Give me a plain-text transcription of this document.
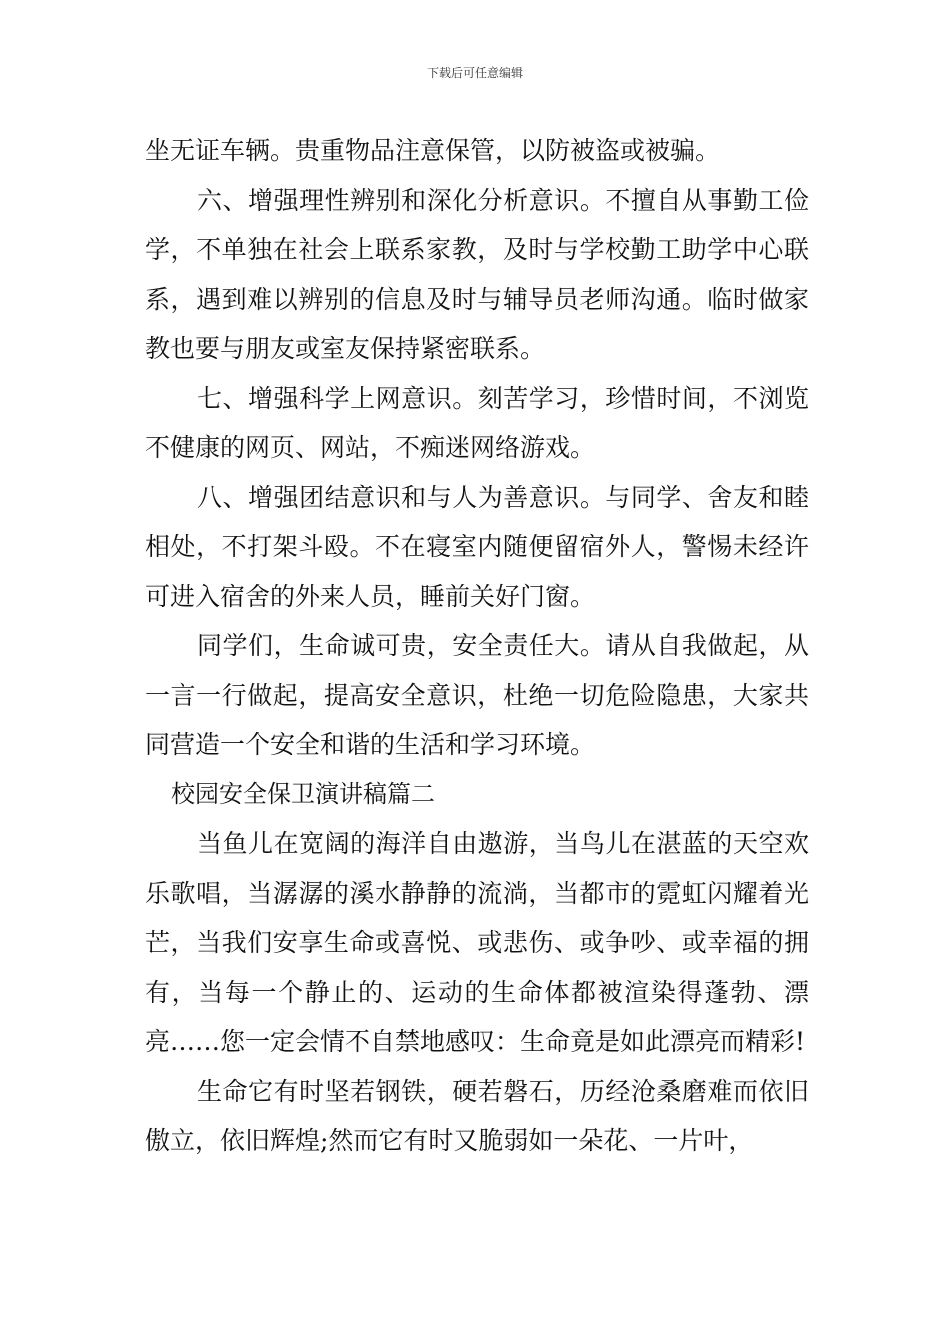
下载后可任意编辑

坐无证车辆。贵重物品注意保管，以防被盗或被骗。

六、增强理性辨别和深化分析意识。不擅自从事勤工俭学，不单独在社会上联系家教，及时与学校勤工助学中心联系，遇到难以辨别的信息及时与辅导员老师沟通。临时做家教也要与朋友或室友保持紧密联系。

七、增强科学上网意识。刻苦学习，珍惜时间，不浏览不健康的网页、网站，不痴迷网络游戏。

八、增强团结意识和与人为善意识。与同学、舍友和睦相处，不打架斗殴。不在寝室内随便留宿外人，警惕未经许可进入宿舍的外来人员，睡前关好门窗。

同学们，生命诚可贵，安全责任大。请从自我做起，从一言一行做起，提高安全意识，杜绝一切危险隐患，大家共同营造一个安全和谐的生活和学习环境。

校园安全保卫演讲稿篇二

当鱼儿在宽阔的海洋自由遨游，当鸟儿在湛蓝的天空欢乐歌唱，当潺潺的溪水静静的流淌，当都市的霓虹闪耀着光芒，当我们安享生命或喜悦、或悲伤、或争吵、或幸福的拥有，当每一个静止的、运动的生命体都被渲染得蓬勃、漂亮……您一定会情不自禁地感叹：生命竟是如此漂亮而精彩!

生命它有时坚若钢铁，硬若磐石，历经沧桑磨难而依旧傲立，依旧辉煌;然而它有时又脆弱如一朵花、一片叶，
